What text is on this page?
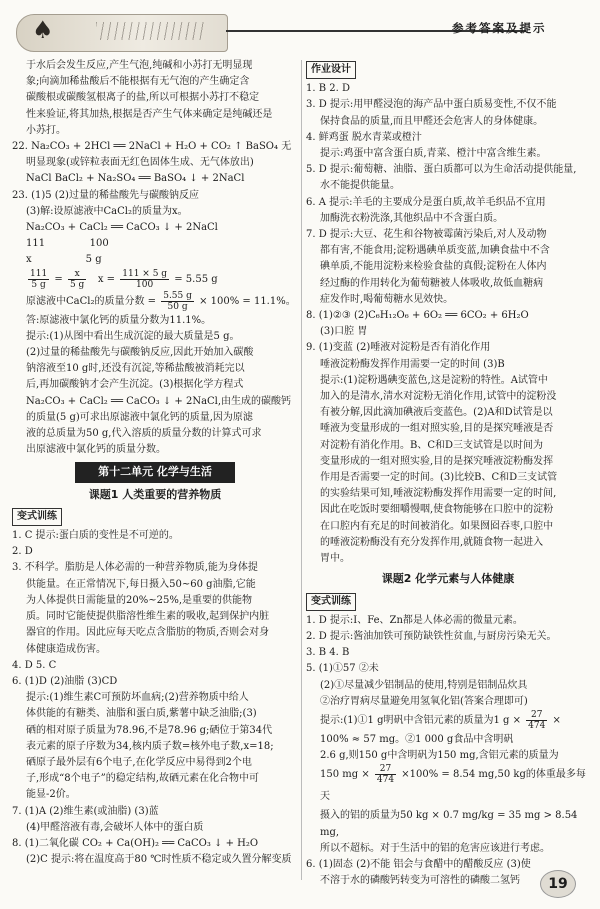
♠	参考答案及提示

于水后会发生反应,产生气泡,纯碱和小苏打无明显现

象;向滴加稀盐酸后不能根据有无气泡的产生确定含

碳酸根或碳酸氢根离子的盐,所以可根据小苏打不稳定

性来验证,将其加热,根据是否产生气体来确定是纯碱还是

小苏打。

22. Na₂CO₃ + 2HCl ══ 2NaCl + H₂O + CO₂ ↑ BaSO₄ 无

明显现象(或锌粒表面无红色固体生成、无气体放出)

NaCl BaCl₂ + Na₂SO₄ ══ BaSO₄ ↓ + 2NaCl

23. (1)5 (2)过量的稀盐酸先与碳酸钠反应

(3)解:设原滤液中CaCl₂的质量为x。

Na₂CO₃ + CaCl₂ ══ CaCO₃ ↓ + 2NaCl

111              100

x                 5 g

$\frac{111}{5 g} = \frac{x}{5 g}$ $x = \frac{111 \times 5 g}{100} = 5.55$ g

原滤液中CaCl₂的质量分数 = $\frac{5.55 g}{50 g} \times 100\% = 11.1\%$。

答:原滤液中氯化钙的质量分数为11.1%。

提示:(1)从图中看出生成沉淀的最大质量是5 g。

(2)过量的稀盐酸先与碳酸钠反应,因此开始加入碳酸

钠溶液至10 g时,还没有沉淀,等稀盐酸被消耗完以

后,再加碳酸钠才会产生沉淀。(3)根据化学方程式

Na₂CO₃ + CaCl₂ ══ CaCO₃ ↓ + 2NaCl,由生成的碳酸钙

的质量(5 g)可求出原滤液中氯化钙的质量,因为原滤

液的总质量为50 g,代入溶质的质量分数的计算式可求

出原滤液中氯化钙的质量分数。

第十二单元 化学与生活
课题1 人类重要的营养物质
变式训练

1. C 提示:蛋白质的变性是不可逆的。

2. D

3. 不科学。脂肪是人体必需的一种营养物质,能为身体提

供能量。在正常情况下,每日摄入50~60 g油脂,它能

为人体提供日需能量的20%~25%,是重要的供能物

质。同时它能使提供脂溶性维生素的吸收,起到保护内脏

器官的作用。因此应每天吃点含脂肪的物质,否则会对身

体健康造成伤害。

4. D 5. C

6. (1)D (2)油脂 (3)CD

提示:(1)维生素C可预防坏血病;(2)营养物质中给人

体供能的有糖类、油脂和蛋白质,紫薯中缺乏油脂;(3)

硒的相对原子质量为78.96,不是78.96 g;硒位于第34代

表元素的原子序数为34,核内质子数=核外电子数,x=18;

硒原子最外层有6个电子,在化学反应中易得到2个电

子,形成“8个电子”的稳定结构,故硒元素在化合物中可

能显-2价。

7. (1)A (2)维生素(或油脂) (3)蓝

(4)甲醛溶液有毒,会破坏人体中的蛋白质

8. (1)二氧化碳 CO₂ + Ca(OH)₂ ══ CaCO₃ ↓ + H₂O

(2)C 提示:将在温度高于80 ℃时性质不稳定或久置分解变质

作业设计

1. B 2. D

3. D 提示:用甲醛浸泡的海产品中蛋白质易变性,不仅不能

保持食品的质量,而且甲醛还会危害人的身体健康。

4. 鲜鸡蛋 脱水青菜或橙汁

提示:鸡蛋中富含蛋白质,青菜、橙汁中富含维生素。

5. D 提示:葡萄糖、油脂、蛋白质都可以为生命活动提供能量,

水不能提供能量。

6. A 提示:羊毛的主要成分是蛋白质,故羊毛织品不宜用

加酶洗衣粉洗涤,其他织品中不含蛋白质。

7. D 提示:大豆、花生和谷物被霉菌污染后,对人及动物

都有害,不能食用;淀粉遇碘单质变蓝,加碘食盐中不含

碘单质,不能用淀粉来检验食盐的真假;淀粉在人体内

经过酶的作用转化为葡萄糖被人体吸收,故低血糖病

症发作时,喝葡萄糖水见效快。

8. (1)②③ (2)C₆H₁₂O₆ + 6O₂ ══ 6CO₂ + 6H₂O

(3)口腔 胃

9. (1)变蓝 (2)唾液对淀粉是否有消化作用

唾液淀粉酶发挥作用需要一定的时间 (3)B

提示:(1)淀粉遇碘变蓝色,这是淀粉的特性。A试管中

加入的是清水,清水对淀粉无消化作用,试管中的淀粉没

有被分解,因此滴加碘液后变蓝色。(2)A和D试管是以

唾液为变量形成的一组对照实验,目的是探究唾液是否

对淀粉有消化作用。B、C和D三支试管是以时间为

变量形成的一组对照实验,目的是探究唾液淀粉酶发挥

作用是否需要一定的时间。(3)比较B、C和D三支试管

的实验结果可知,唾液淀粉酶发挥作用需要一定的时间,

因此在吃饭时要细嚼慢咽,使食物能够在口腔中的淀粉

在口腔内有充足的时间被消化。如果囫囵吞枣,口腔中

的唾液淀粉酶没有充分发挥作用,就随食物一起进入

胃中。

课题2 化学元素与人体健康
变式训练

1. D 提示:I、Fe、Zn都是人体必需的微量元素。

2. D 提示:酱油加铁可预防缺铁性贫血,与厨房污染无关。

3. B 4. B

5. (1)①57 ②未

(2)①尽量减少铝制品的使用,特别是铝制品炊具

②治疗胃病尽量避免用氢氧化铝(答案合理即可)

提示:(1)①1 g明矾中含铝元素的质量为1 $g \times \frac{27}{474}$ ×

100% ≈ 57 mg。②1 000 g食品中含明矾

2.6 g,则150 g中含明矾为150 mg,含铝元素的质量为

150 mg × $\frac{27}{474} \times 100\% = 8.54$ mg,50 kg的体重最多每天

摄入的铝的质量为50 kg × 0.7 mg/kg = 35 mg > 8.54 mg,

所以不超标。对于生活中的铝的危害应该进行考虑。

6. (1)固态 (2)不能 铝会与食醋中的醋酸反应 (3)使

不溶于水的磷酸钙转变为可溶性的磷酸二氢钙	19
